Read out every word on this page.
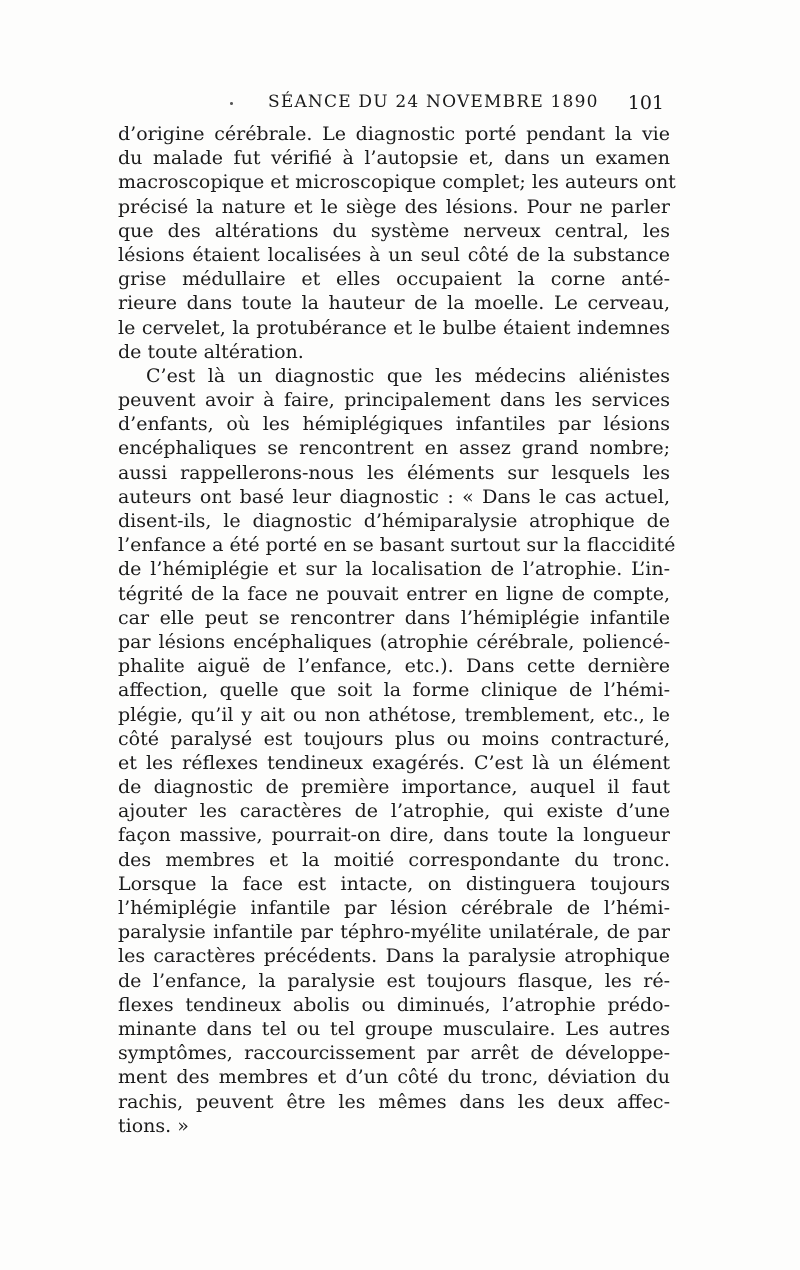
SÉANCE DU 24 NOVEMBRE 1890 101
d’origine cérébrale. Le diagnostic porté pendant la vie
du malade fut vérifié à l’autopsie et, dans un examen
macroscopique et microscopique complet; les auteurs ont
précisé la nature et le siège des lésions. Pour ne parler
que des altérations du système nerveux central, les
lésions étaient localisées à un seul côté de la substance
grise médullaire et elles occupaient la corne anté-
rieure dans toute la hauteur de la moelle. Le cerveau,
le cervelet, la protubérance et le bulbe étaient indemnes
de toute altération.
C’est là un diagnostic que les médecins aliénistes
peuvent avoir à faire, principalement dans les services
d’enfants, où les hémiplégiques infantiles par lésions
encéphaliques se rencontrent en assez grand nombre;
aussi rappellerons-nous les éléments sur lesquels les
auteurs ont basé leur diagnostic : « Dans le cas actuel,
disent-ils, le diagnostic d’hémiparalysie atrophique de
l’enfance a été porté en se basant surtout sur la flaccidité
de l’hémiplégie et sur la localisation de l’atrophie. L’in-
tégrité de la face ne pouvait entrer en ligne de compte,
car elle peut se rencontrer dans l’hémiplégie infantile
par lésions encéphaliques (atrophie cérébrale, poliencé-
phalite aiguë de l’enfance, etc.). Dans cette dernière
affection, quelle que soit la forme clinique de l’hémi-
plégie, qu’il y ait ou non athétose, tremblement, etc., le
côté paralysé est toujours plus ou moins contracturé,
et les réflexes tendineux exagérés. C’est là un élément
de diagnostic de première importance, auquel il faut
ajouter les caractères de l’atrophie, qui existe d’une
façon massive, pourrait-on dire, dans toute la longueur
des membres et la moitié correspondante du tronc.
Lorsque la face est intacte, on distinguera toujours
l’hémiplégie infantile par lésion cérébrale de l’hémi-
paralysie infantile par téphro-myélite unilatérale, de par
les caractères précédents. Dans la paralysie atrophique
de l’enfance, la paralysie est toujours flasque, les ré-
flexes tendineux abolis ou diminués, l’atrophie prédo-
minante dans tel ou tel groupe musculaire. Les autres
symptômes, raccourcissement par arrêt de développe-
ment des membres et d’un côté du tronc, déviation du
rachis, peuvent être les mêmes dans les deux affec-
tions. »
